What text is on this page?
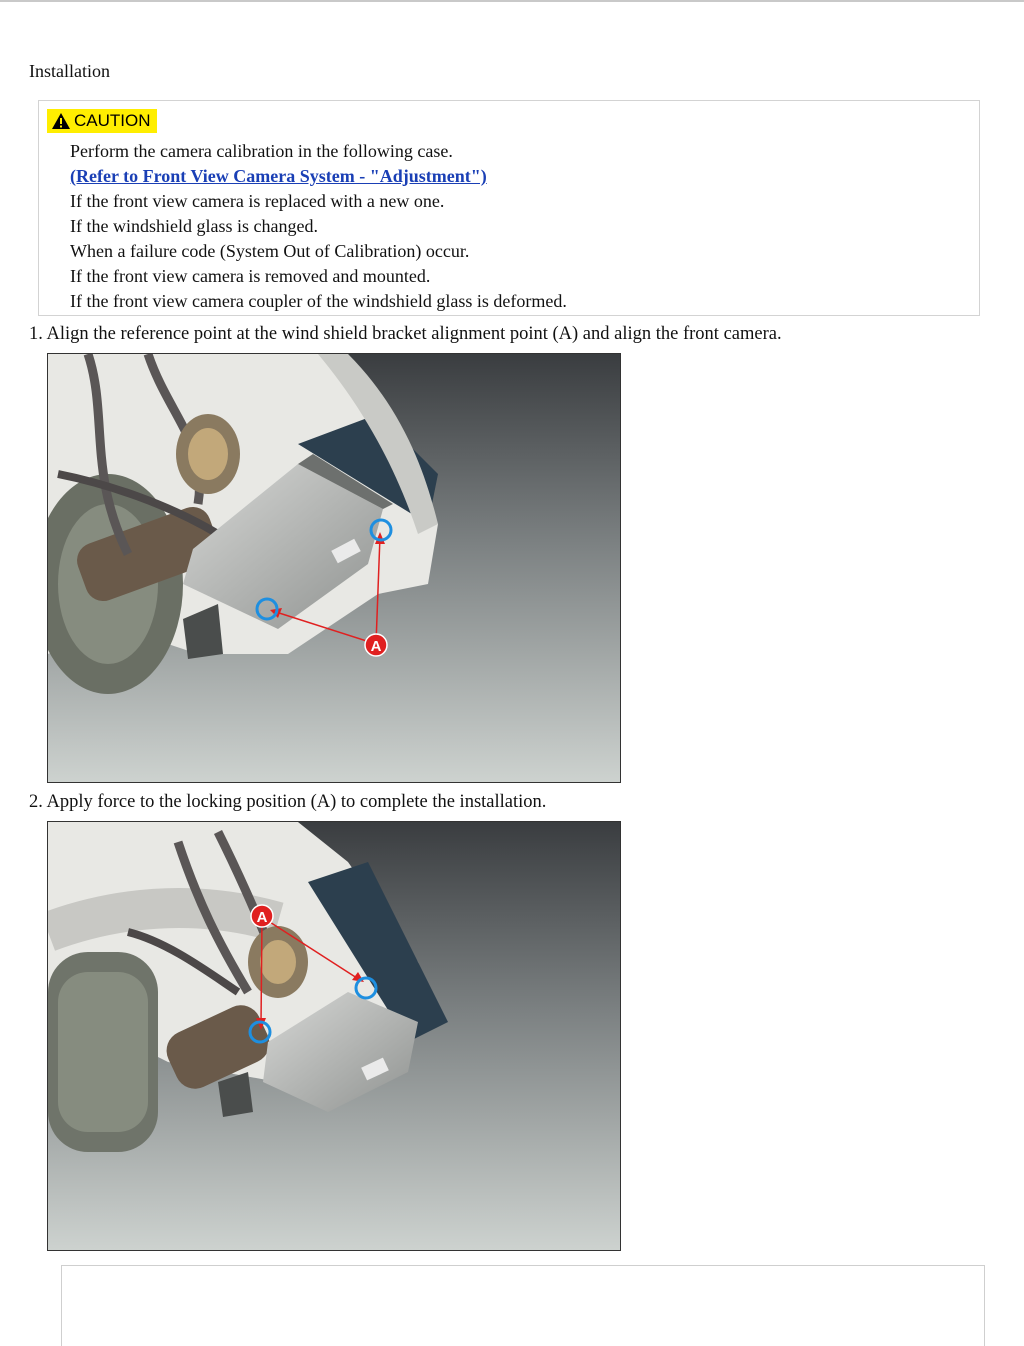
Installation
CAUTION
Perform the camera calibration in the following case.
(Refer to Front View Camera System - "Adjustment")
If the front view camera is replaced with a new one.
If the windshield glass is changed.
When a failure code (System Out of Calibration) occur.
If the front view camera is removed and mounted.
If the front view camera coupler of the windshield glass is deformed.
1. Align the reference point at the wind shield bracket alignment point (A) and align the front camera.
A
2. Apply force to the locking position (A) to complete the installation.
A
